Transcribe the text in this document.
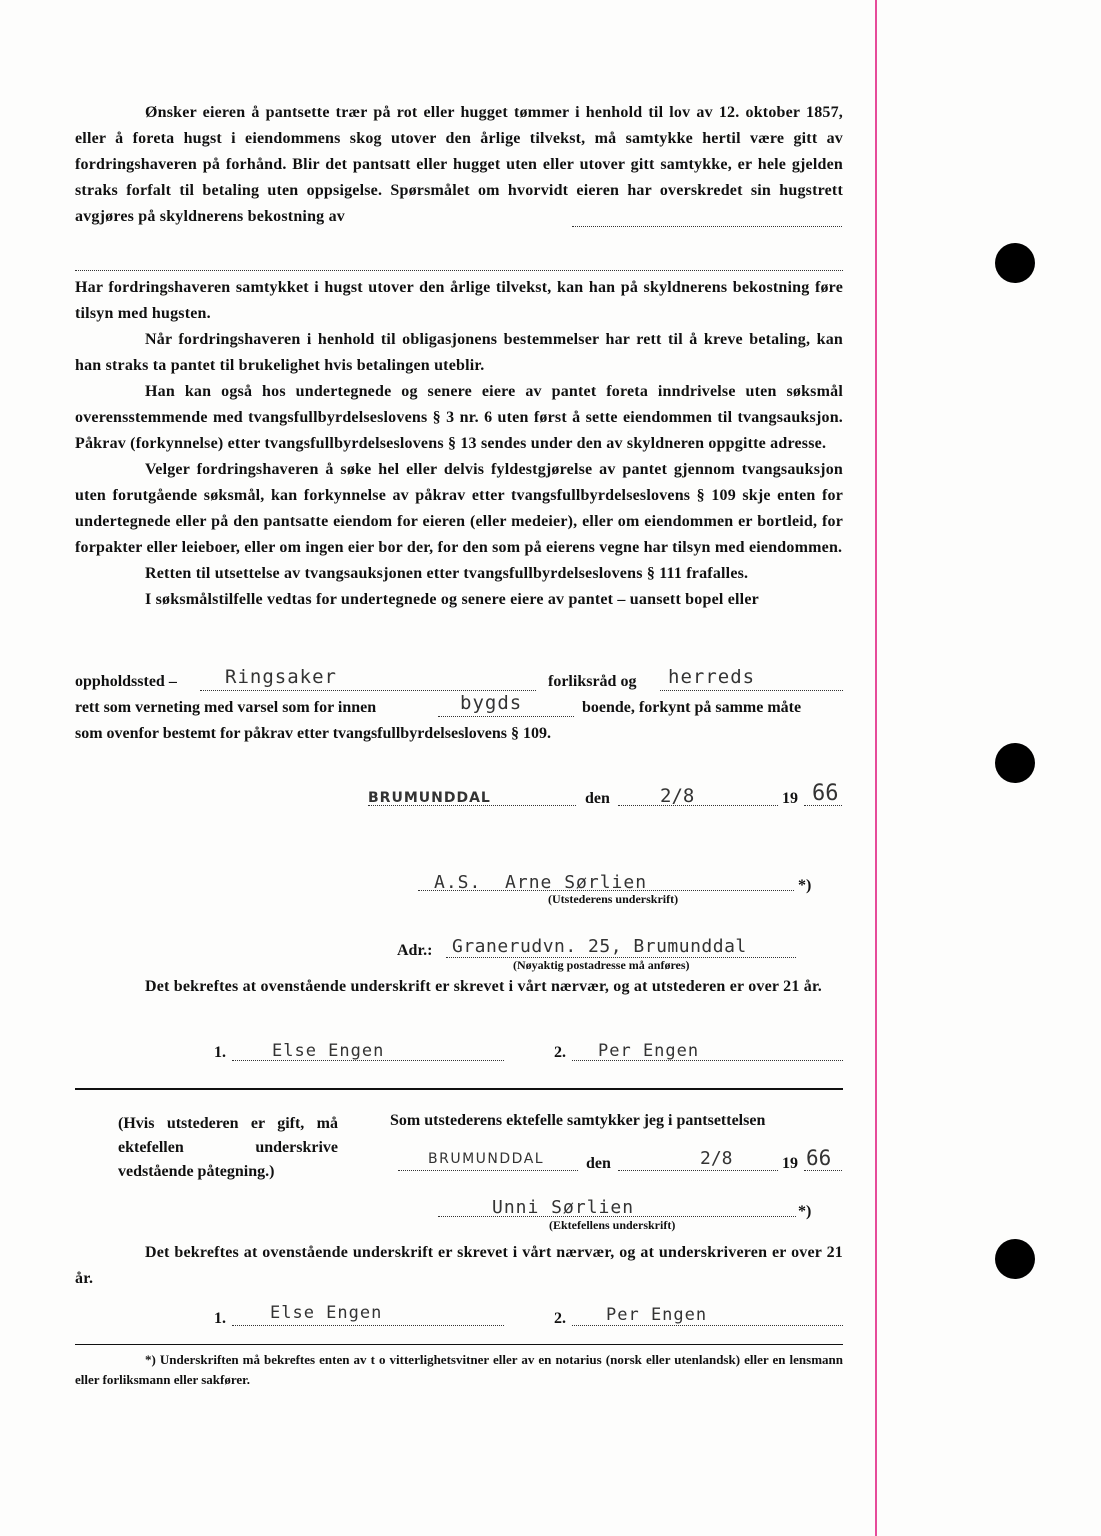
Ønsker eieren å pantsette trær på rot eller hugget tømmer i henhold til lov av 12. oktober 1857, eller å foreta hugst i eiendommens skog utover den årlige tilvekst, må samtykke hertil være gitt av fordringshaveren på forhånd. Blir det pantsatt eller hugget uten eller utover gitt samtykke, er hele gjelden straks forfalt til betaling uten oppsigelse. Spørsmålet om hvorvidt eieren har overskredet sin hugstrett avgjøres på skyldnerens bekostning av

Har fordringshaveren samtykket i hugst utover den årlige tilvekst, kan han på skyldnerens bekostning føre tilsyn med hugsten.

Når fordringshaveren i henhold til obligasjonens bestemmelser har rett til å kreve betaling, kan han straks ta pantet til brukelighet hvis betalingen uteblir.

Han kan også hos undertegnede og senere eiere av pantet foreta inndrivelse uten søksmål overensstemmende med tvangsfullbyrdelseslovens § 3 nr. 6 uten først å sette eiendommen til tvangsauksjon. Påkrav (forkynnelse) etter tvangsfullbyrdelseslovens § 13 sendes under den av skyldneren oppgitte adresse.

Velger fordringshaveren å søke hel eller delvis fyldestgjørelse av pantet gjennom tvangsauksjon uten forutgående søksmål, kan forkynnelse av påkrav etter tvangsfullbyrdelseslovens § 109 skje enten for undertegnede eller på den pantsatte eiendom for eieren (eller medeier), eller om eiendommen er bortleid, for forpakter eller leieboer, eller om ingen eier bor der, for den som på eierens vegne har tilsyn med eiendommen.

Retten til utsettelse av tvangsauksjonen etter tvangsfullbyrdelseslovens § 111 frafalles.

I søksmålstilfelle vedtas for undertegnede og senere eiere av pantet – uansett bopel eller

oppholdssted –	Ringsaker	forliksråd og herreds
rett som verneting med varsel som for innen	bygds	boende, forkynt på samme måte
som ovenfor bestemt for påkrav etter tvangsfullbyrdelseslovens § 109.
BRUMUNDDAL	den	2/8	19 66
A.S.  Arne Sørlien	*)
(Utstederens underskrift)
Adr.: Granerudvn. 25, Brumunddal
(Nøyaktig postadresse må anføres)

Det bekreftes at ovenstående underskrift er skrevet i vårt nærvær, og at utstederen er over 21 år.

1.	Else Engen	2. Per Engen
(Hvis utstederen er gift, må ektefellen underskrive vedstående påtegning.)
Som utstederens ektefelle samtykker jeg i pantsettelsen
BRUMUNDDAL	den	2/8	19 66
Unni Sørlien	*)
(Ektefellens underskrift)

Det bekreftes at ovenstående underskrift er skrevet i vårt nærvær, og at underskriveren er over 21 år.

1.	Else Engen	2. Per Engen
*) Underskriften må bekreftes enten av t o vitterlighetsvitner eller av en notarius (norsk eller utenlandsk) eller en lensmann eller forliksmann eller sakfører.
